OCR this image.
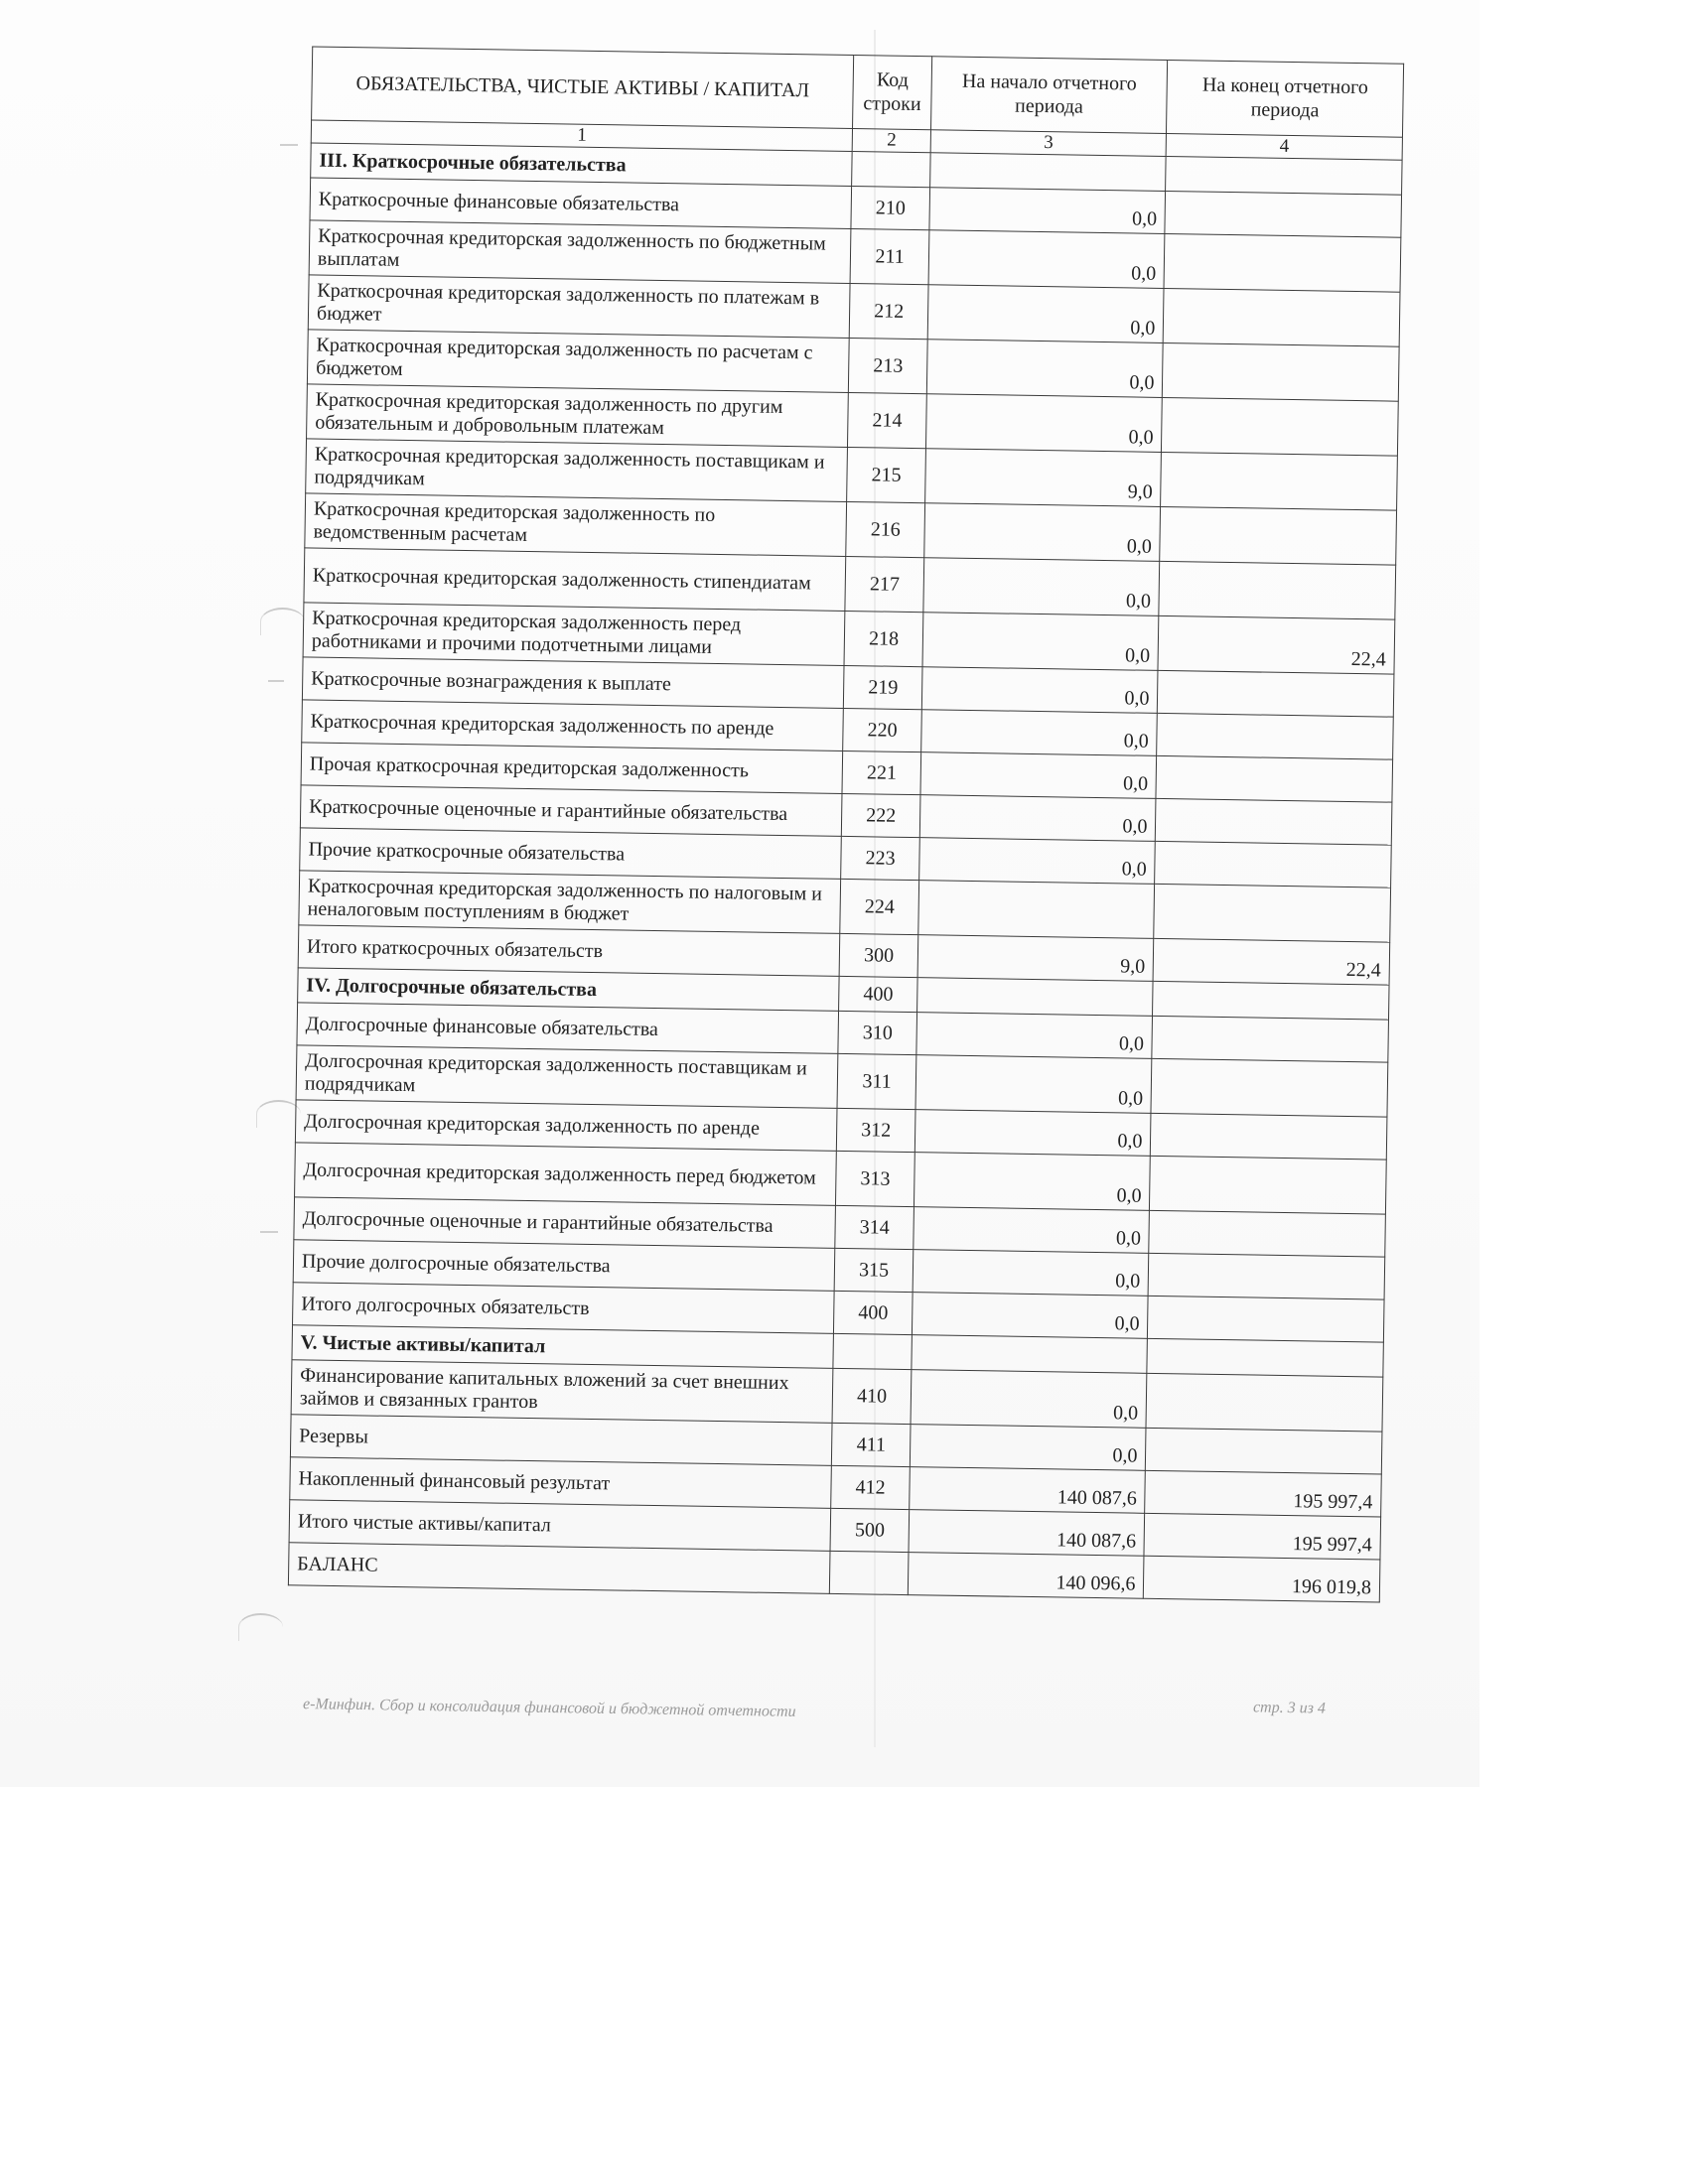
ОБЯЗАТЕЛЬСТВА, ЧИСТЫЕ АКТИВЫ / КАПИТАЛ	Код строки	На начало отчетного периода	На конец отчетного периода
1	2	3	4
III. Краткосрочные обязательства			
Краткосрочные финансовые обязательства	210	0,0	
Краткосрочная кредиторская задолженность по бюджетным выплатам	211	0,0	
Краткосрочная кредиторская задолженность по платежам в бюджет	212	0,0	
Краткосрочная кредиторская задолженность по расчетам с бюджетом	213	0,0	
Краткосрочная кредиторская задолженность по другим обязательным и добровольным платежам	214	0,0	
Краткосрочная кредиторская задолженность поставщикам и подрядчикам	215	9,0	
Краткосрочная кредиторская задолженность по ведомственным расчетам	216	0,0	
Краткосрочная кредиторская задолженность стипендиатам	217	0,0	
Краткосрочная кредиторская задолженность перед работниками и прочими подотчетными лицами	218	0,0	22,4
Краткосрочные вознаграждения к выплате	219	0,0	
Краткосрочная кредиторская задолженность по аренде	220	0,0	
Прочая краткосрочная кредиторская задолженность	221	0,0	
Краткосрочные оценочные и гарантийные обязательства	222	0,0	
Прочие краткосрочные обязательства	223	0,0	
Краткосрочная кредиторская задолженность по налоговым и неналоговым поступлениям в бюджет	224		
Итого краткосрочных обязательств	300	9,0	22,4
IV. Долгосрочные обязательства	400		
Долгосрочные финансовые обязательства	310	0,0	
Долгосрочная кредиторская задолженность поставщикам и подрядчикам	311	0,0	
Долгосрочная кредиторская задолженность по аренде	312	0,0	
Долгосрочная кредиторская задолженность перед бюджетом	313	0,0	
Долгосрочные оценочные и гарантийные обязательства	314	0,0	
Прочие долгосрочные обязательства	315	0,0	
Итого долгосрочных обязательств	400	0,0	
V. Чистые активы/капитал			
Финансирование капитальных вложений за счет внешних займов и связанных грантов	410	0,0	
Резервы	411	0,0	
Накопленный финансовый результат	412	140 087,6	195 997,4
Итого чистые активы/капитал	500	140 087,6	195 997,4
БАЛАНС		140 096,6	196 019,8
е-Минфин. Сбор и консолидация финансовой и бюджетной отчетности	стр. 3 из 4
